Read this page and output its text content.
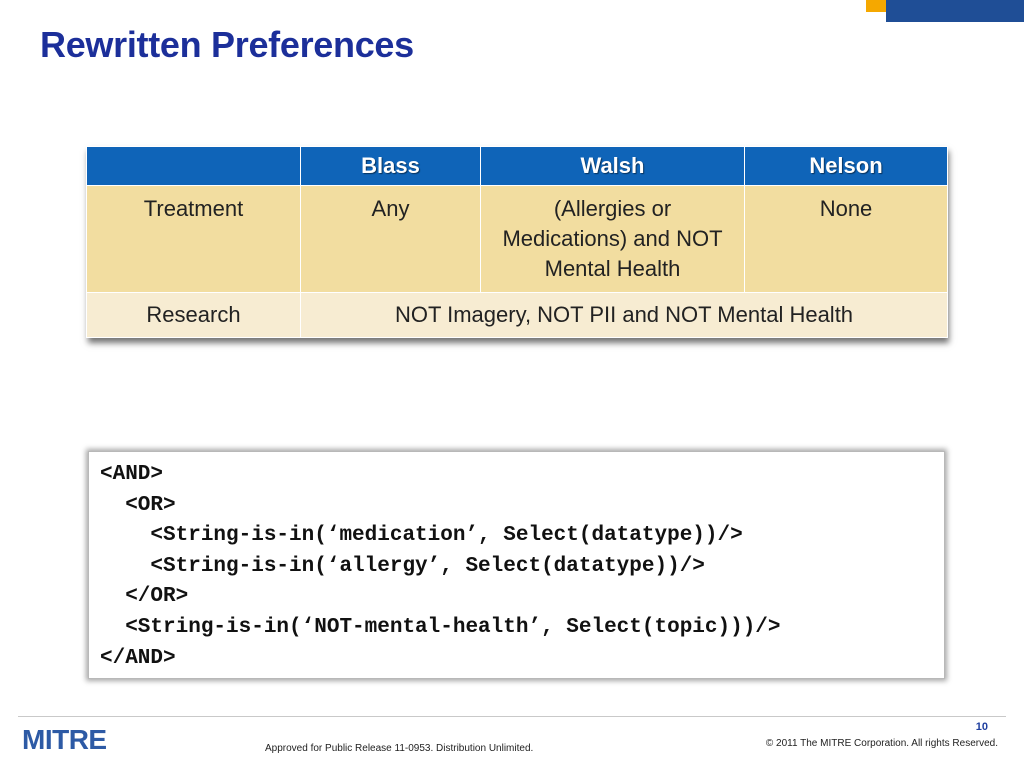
Rewritten Preferences
	Blass	Walsh	Nelson
Treatment	Any	(Allergies or Medications) and NOT Mental Health	None
Research	NOT Imagery, NOT PII and NOT Mental Health		
<AND>
<OR>
<String-is-in(‘medication’, Select(datatype))/>
<String-is-in(‘allergy’, Select(datatype))/>
</OR>
<String-is-in(‘NOT-mental-health’, Select(topic)))/>
</AND>
MITRE	Approved for Public Release 11-0953. Distribution Unlimited.
10
© 2011 The MITRE Corporation. All rights Reserved.
